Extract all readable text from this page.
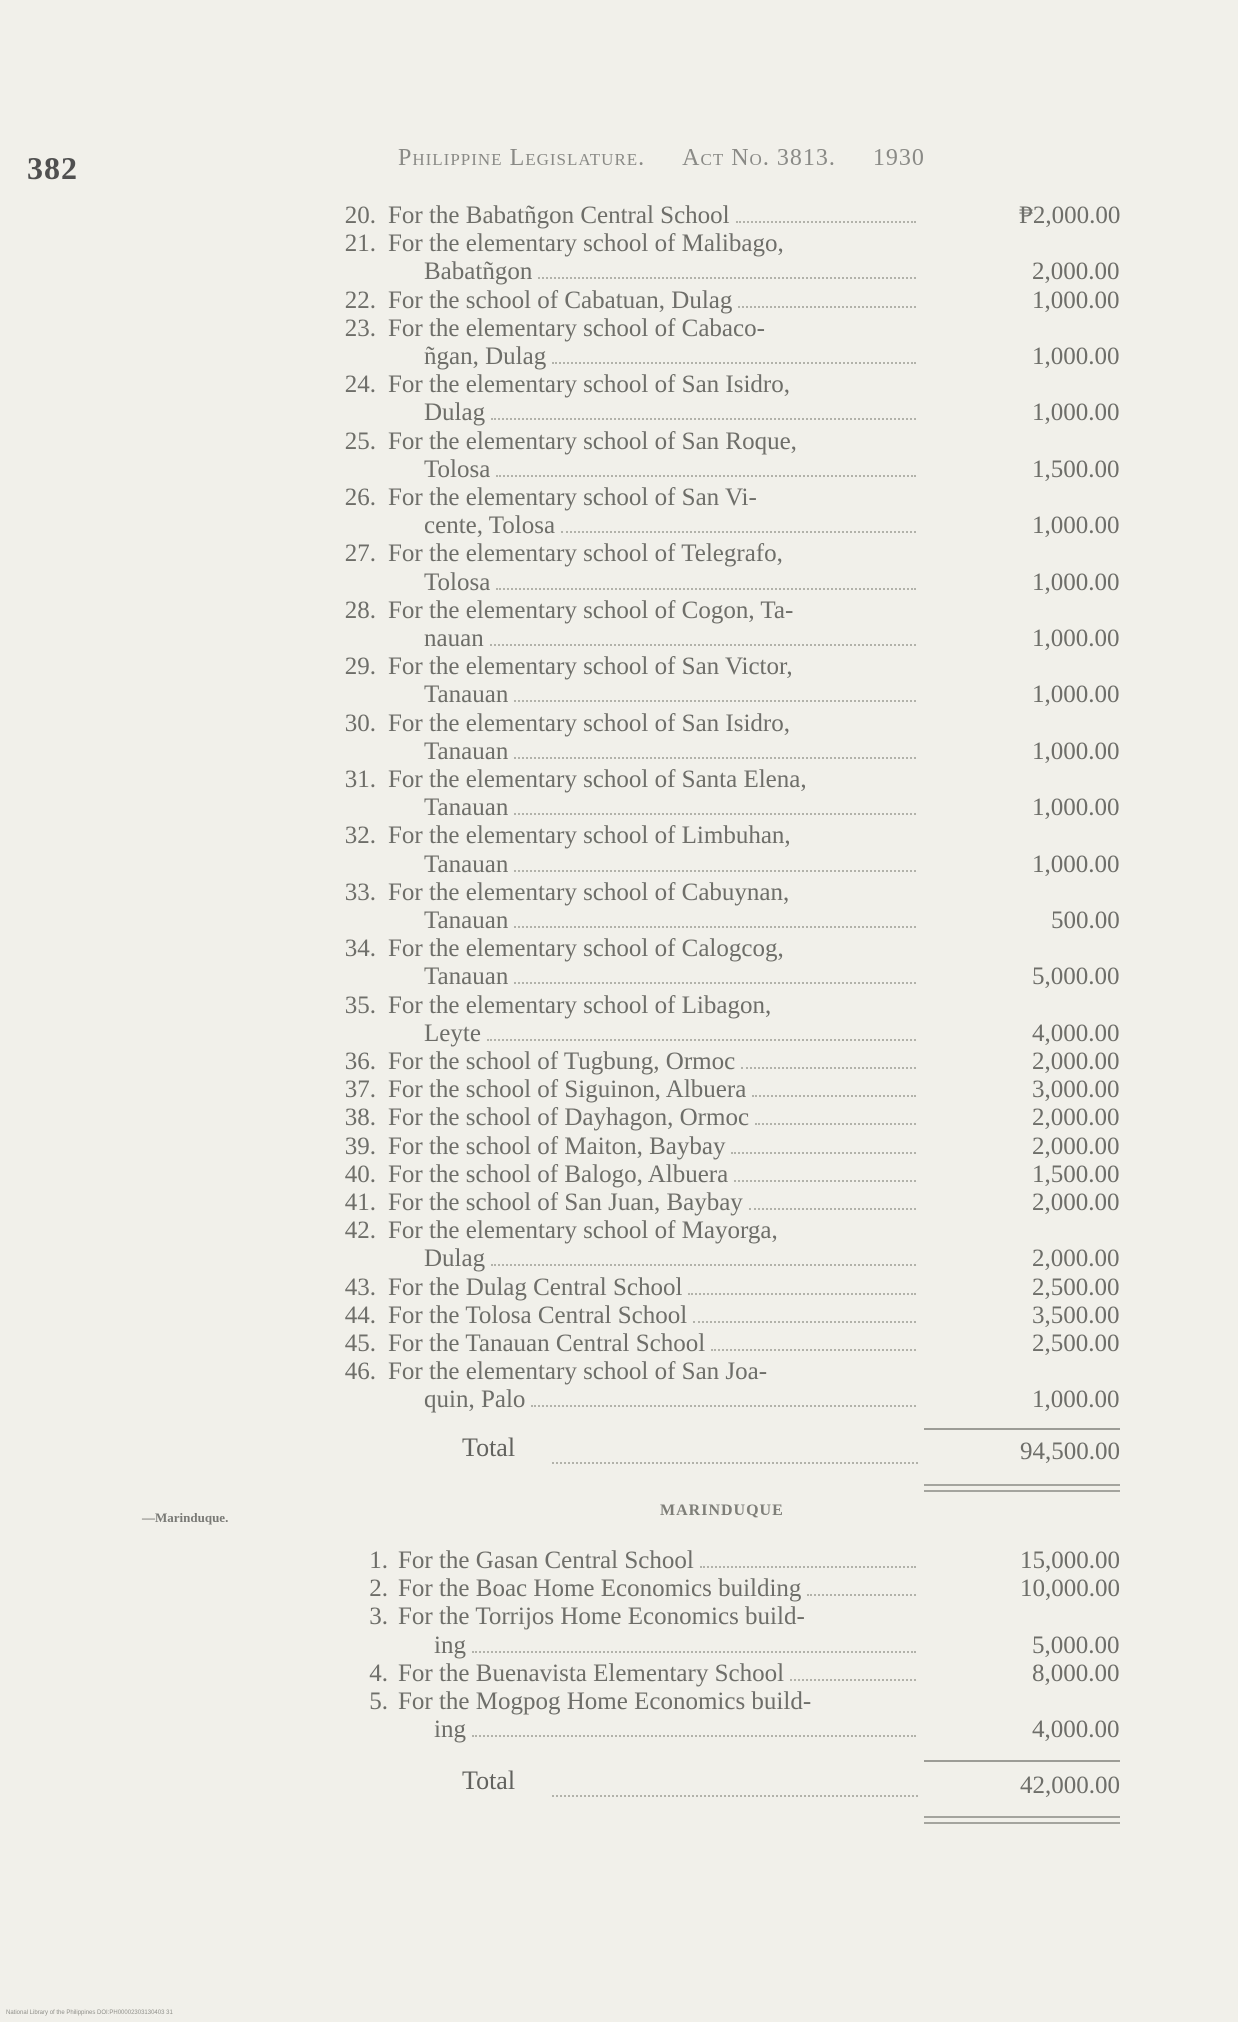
382	Philippine Legislature. Act No. 3813. 1930
20. For the Babatñgon Central School	₱2,000.00
21. For the elementary school of Malibago,
Babatñgon	2,000.00
22. For the school of Cabatuan, Dulag	1,000.00
23. For the elementary school of Cabaco-
ñgan, Dulag	1,000.00
24. For the elementary school of San Isidro,
Dulag	1,000.00
25. For the elementary school of San Roque,
Tolosa	1,500.00
26. For the elementary school of San Vi-
cente, Tolosa	1,000.00
27. For the elementary school of Telegrafo,
Tolosa	1,000.00
28. For the elementary school of Cogon, Ta-
nauan	1,000.00
29. For the elementary school of San Victor,
Tanauan	1,000.00
30. For the elementary school of San Isidro,
Tanauan	1,000.00
31. For the elementary school of Santa Elena,
Tanauan	1,000.00
32. For the elementary school of Limbuhan,
Tanauan	1,000.00
33. For the elementary school of Cabuynan,
Tanauan	500.00
34. For the elementary school of Calogcog,
Tanauan	5,000.00
35. For the elementary school of Libagon,
Leyte	4,000.00
36. For the school of Tugbung, Ormoc	2,000.00
37. For the school of Siguinon, Albuera	3,000.00
38. For the school of Dayhagon, Ormoc	2,000.00
39. For the school of Maiton, Baybay	2,000.00
40. For the school of Balogo, Albuera	1,500.00
41. For the school of San Juan, Baybay	2,000.00
42. For the elementary school of Mayorga,
Dulag	2,000.00
43. For the Dulag Central School	2,500.00
44. For the Tolosa Central School	3,500.00
45. For the Tanauan Central School	2,500.00
46. For the elementary school of San Joa-
quin, Palo	1,000.00
Total	94,500.00
—Marinduque.	MARINDUQUE
1. For the Gasan Central School	15,000.00
2. For the Boac Home Economics building	10,000.00
3. For the Torrijos Home Economics build-
ing	5,000.00
4. For the Buenavista Elementary School	8,000.00
5. For the Mogpog Home Economics build-
ing	4,000.00
Total	42,000.00
National Library of the Philippines DOI:PH00002303130403 31
